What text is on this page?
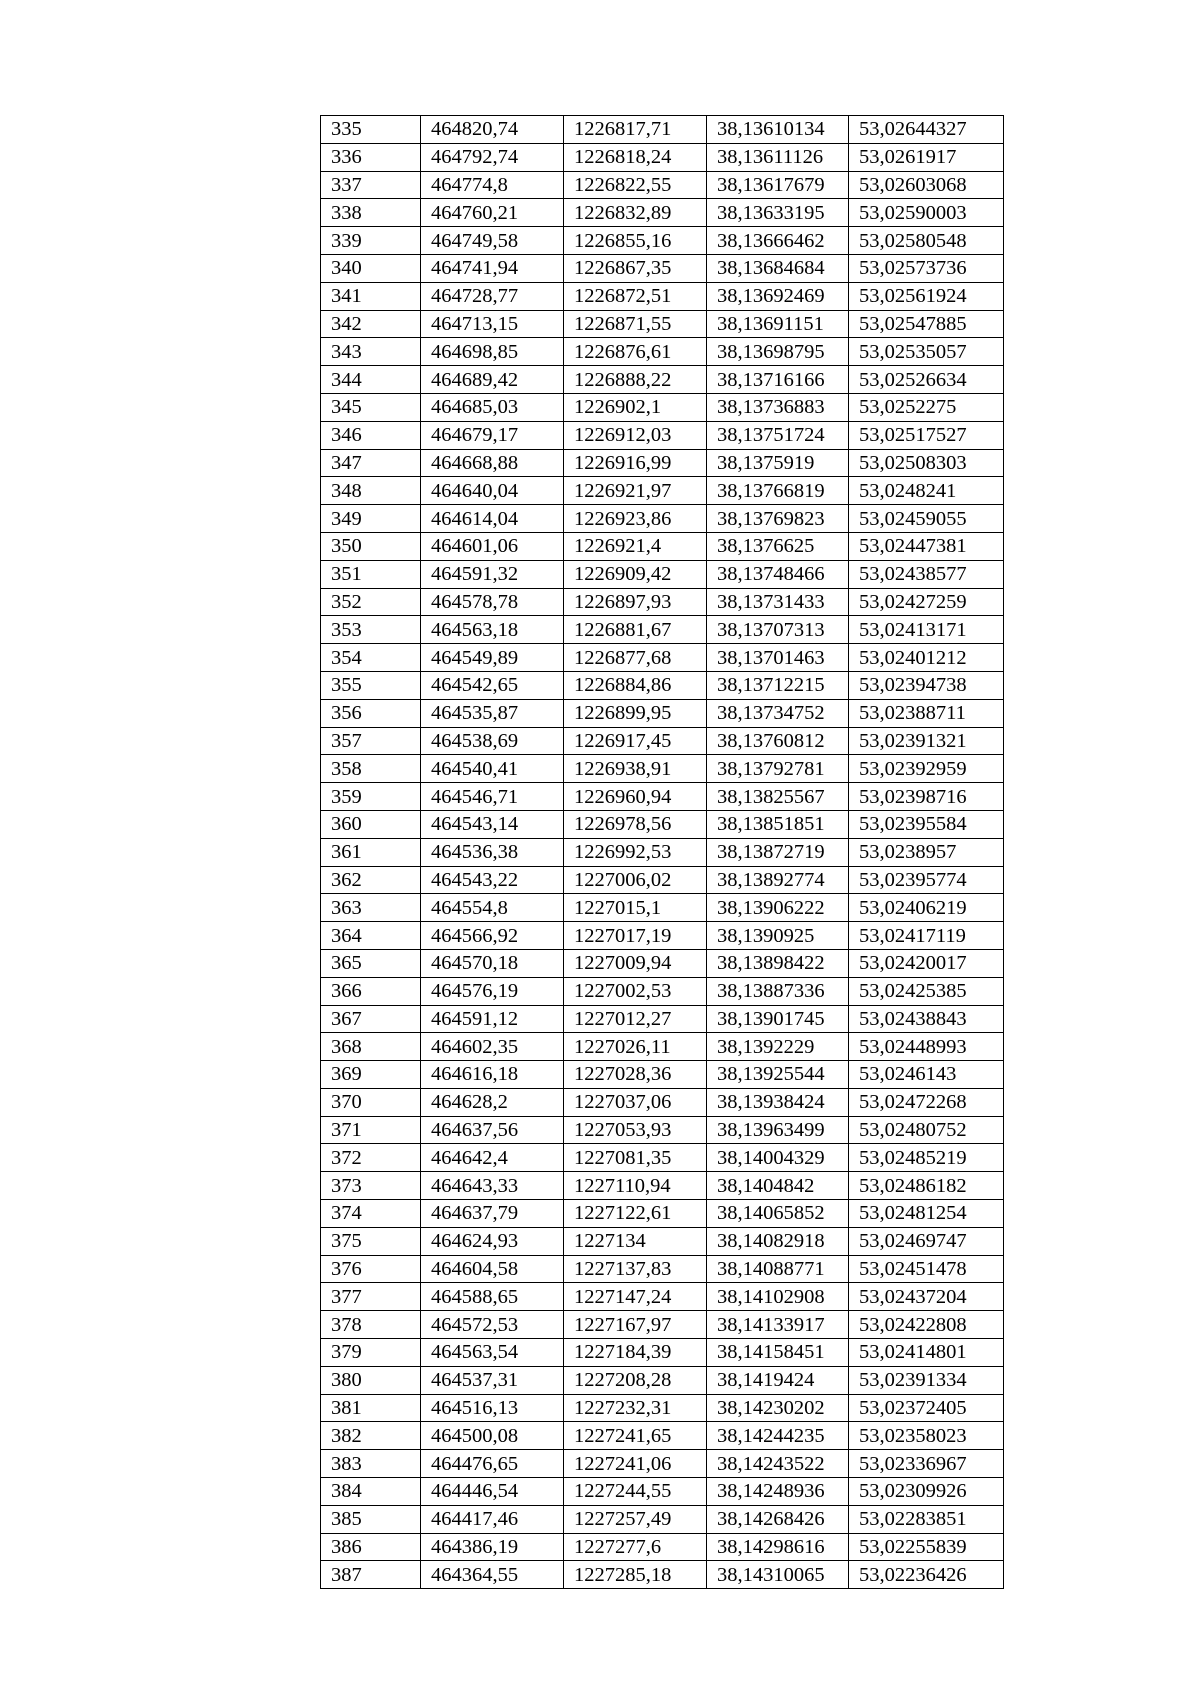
335	464820,74	1226817,71	38,13610134	53,02644327
336	464792,74	1226818,24	38,13611126	53,0261917
337	464774,8	1226822,55	38,13617679	53,02603068
338	464760,21	1226832,89	38,13633195	53,02590003
339	464749,58	1226855,16	38,13666462	53,02580548
340	464741,94	1226867,35	38,13684684	53,02573736
341	464728,77	1226872,51	38,13692469	53,02561924
342	464713,15	1226871,55	38,13691151	53,02547885
343	464698,85	1226876,61	38,13698795	53,02535057
344	464689,42	1226888,22	38,13716166	53,02526634
345	464685,03	1226902,1	38,13736883	53,0252275
346	464679,17	1226912,03	38,13751724	53,02517527
347	464668,88	1226916,99	38,1375919	53,02508303
348	464640,04	1226921,97	38,13766819	53,0248241
349	464614,04	1226923,86	38,13769823	53,02459055
350	464601,06	1226921,4	38,1376625	53,02447381
351	464591,32	1226909,42	38,13748466	53,02438577
352	464578,78	1226897,93	38,13731433	53,02427259
353	464563,18	1226881,67	38,13707313	53,02413171
354	464549,89	1226877,68	38,13701463	53,02401212
355	464542,65	1226884,86	38,13712215	53,02394738
356	464535,87	1226899,95	38,13734752	53,02388711
357	464538,69	1226917,45	38,13760812	53,02391321
358	464540,41	1226938,91	38,13792781	53,02392959
359	464546,71	1226960,94	38,13825567	53,02398716
360	464543,14	1226978,56	38,13851851	53,02395584
361	464536,38	1226992,53	38,13872719	53,0238957
362	464543,22	1227006,02	38,13892774	53,02395774
363	464554,8	1227015,1	38,13906222	53,02406219
364	464566,92	1227017,19	38,1390925	53,02417119
365	464570,18	1227009,94	38,13898422	53,02420017
366	464576,19	1227002,53	38,13887336	53,02425385
367	464591,12	1227012,27	38,13901745	53,02438843
368	464602,35	1227026,11	38,1392229	53,02448993
369	464616,18	1227028,36	38,13925544	53,0246143
370	464628,2	1227037,06	38,13938424	53,02472268
371	464637,56	1227053,93	38,13963499	53,02480752
372	464642,4	1227081,35	38,14004329	53,02485219
373	464643,33	1227110,94	38,1404842	53,02486182
374	464637,79	1227122,61	38,14065852	53,02481254
375	464624,93	1227134	38,14082918	53,02469747
376	464604,58	1227137,83	38,14088771	53,02451478
377	464588,65	1227147,24	38,14102908	53,02437204
378	464572,53	1227167,97	38,14133917	53,02422808
379	464563,54	1227184,39	38,14158451	53,02414801
380	464537,31	1227208,28	38,1419424	53,02391334
381	464516,13	1227232,31	38,14230202	53,02372405
382	464500,08	1227241,65	38,14244235	53,02358023
383	464476,65	1227241,06	38,14243522	53,02336967
384	464446,54	1227244,55	38,14248936	53,02309926
385	464417,46	1227257,49	38,14268426	53,02283851
386	464386,19	1227277,6	38,14298616	53,02255839
387	464364,55	1227285,18	38,14310065	53,02236426
